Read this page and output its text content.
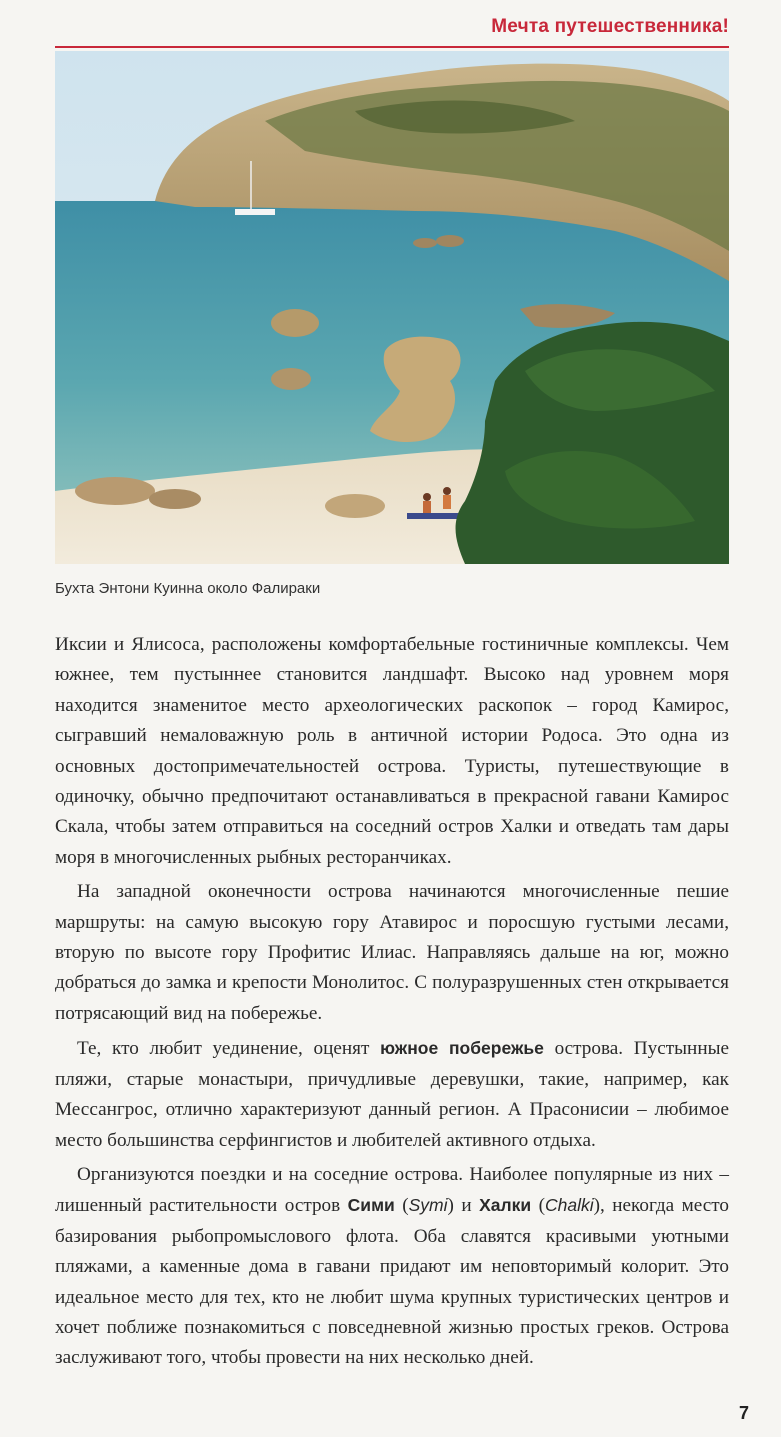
Мечта путешественника!
Бухта Энтони Куинна около Фалираки

Иксии и Ялисоса, расположены комфортабельные гостиничные комплексы. Чем южнее, тем пустыннее становится ландшафт. Высоко над уровнем моря находится знаменитое место археологических раскопок – город Камирос, сыгравший немаловажную роль в античной истории Родоса. Это одна из основных достопримечательностей острова. Туристы, путешествующие в одиночку, обычно предпочитают останавливаться в прекрасной гавани Камирос Скала, чтобы затем отправиться на соседний остров Халки и отведать там дары моря в многочисленных рыбных ресторанчиках.

На западной оконечности острова начинаются многочисленные пешие маршруты: на самую высокую гору Атавирос и поросшую густыми лесами, вторую по высоте гору Профитис Илиас. Направляясь дальше на юг, можно добраться до замка и крепости Монолитос. С полуразрушенных стен открывается потрясающий вид на побережье.

Те, кто любит уединение, оценят южное побережье острова. Пустынные пляжи, старые монастыри, причудливые деревушки, такие, например, как Мессангрос, отлично характеризуют данный регион. А Прасонисии – любимое место большинства серфингистов и любителей активного отдыха.

Организуются поездки и на соседние острова. Наиболее популярные из них – лишенный растительности остров Сими (Symi) и Халки (Chalki), некогда место базирования рыбопромыслового флота. Оба славятся красивыми уютными пляжами, а каменные дома в гавани придают им неповторимый колорит. Это идеальное место для тех, кто не любит шума крупных туристических центров и хочет поближе познакомиться с повседневной жизнью простых греков. Острова заслуживают того, чтобы провести на них несколько дней.

7
